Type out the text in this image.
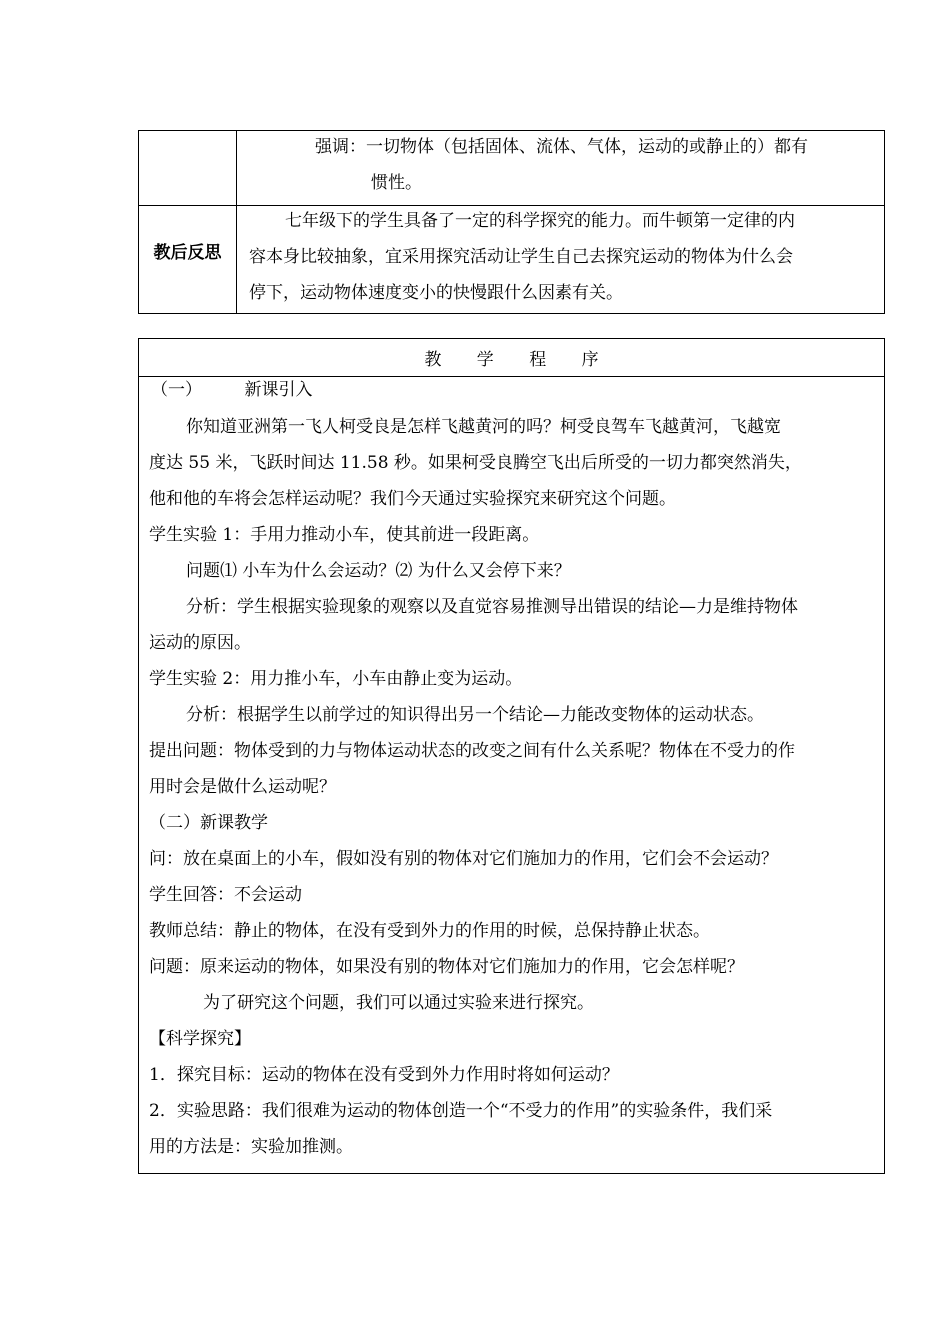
强调：一切物体（包括固体、流体、气体，运动的或静止的）都有
惯性。
教后反思
七年级下的学生具备了一定的科学探究的能力。而牛顿第一定律的内
容本身比较抽象，宜采用探究活动让学生自己去探究运动的物体为什么会
停下，运动物体速度变小的快慢跟什么因素有关。
教 学 程 序
（一）　　　新课引入
你知道亚洲第一飞人柯受良是怎样飞越黄河的吗？柯受良驾车飞越黄河，飞越宽
度达 55 米，飞跃时间达 11.58 秒。如果柯受良腾空飞出后所受的一切力都突然消失，
他和他的车将会怎样运动呢？我们今天通过实验探究来研究这个问题。
学生实验 1：手用力推动小车，使其前进一段距离。
问题⑴ 小车为什么会运动？⑵ 为什么又会停下来？
分析：学生根据实验现象的观察以及直觉容易推测导出错误的结论—力是维持物体
运动的原因。
学生实验 2：用力推小车，小车由静止变为运动。
分析：根据学生以前学过的知识得出另一个结论—力能改变物体的运动状态。
提出问题：物体受到的力与物体运动状态的改变之间有什么关系呢？物体在不受力的作
用时会是做什么运动呢？
（二）新课教学
问：放在桌面上的小车，假如没有别的物体对它们施加力的作用，它们会不会运动？
学生回答：不会运动
教师总结：静止的物体，在没有受到外力的作用的时候，总保持静止状态。
问题：原来运动的物体，如果没有别的物体对它们施加力的作用，它会怎样呢？
为了研究这个问题，我们可以通过实验来进行探究。
【科学探究】
1．探究目标：运动的物体在没有受到外力作用时将如何运动？
2．实验思路：我们很难为运动的物体创造一个“不受力的作用”的实验条件，我们采
用的方法是：实验加推测。
